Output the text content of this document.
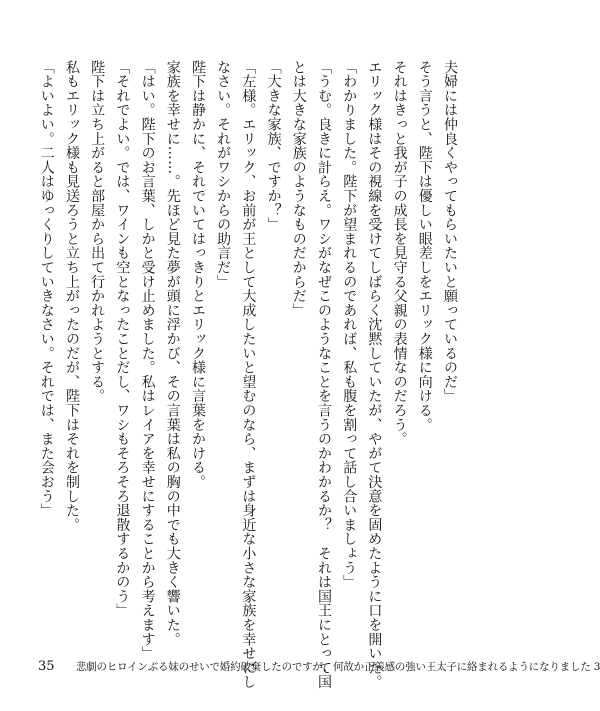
夫婦には仲良くやってもらいたいと願っているのだ」

そう言うと、陛下は優しい眼差しをエリック様に向ける。

それはきっと我が子の成長を見守る父親の表情なのだろう。

エリック様はその視線を受けてしばらく沈黙していたが、やがて決意を固めたように口を開いた。

「わかりました。陛下が望まれるのであれば、私も腹を割って話し合いましょう」

「うむ。良きに計らえ。ワシがなぜこのようなことを言うのかわかるか？　それは国王にとって国

とは大きな家族のようなものだからだ」

「大きな家族、ですか？」

「左様。エリック、お前が王として大成したいと望むのなら、まずは身近な小さな家族を幸せにし

なさい。それがワシからの助言だ」

陛下は静かに、それでいてはっきりとエリック様に言葉をかける。

家族を幸せに……。先ほど見た夢が頭に浮かび、その言葉は私の胸の中でも大きく響いた。

「はい。陛下のお言葉、しかと受け止めました。私はレイアを幸せにすることから考えます」

「それでよい。では、ワインも空となったことだし、ワシもそろそろ退散するかのう」

陛下は立ち上がると部屋から出て行かれようとする。

私もエリック様も見送ろうと立ち上がったのだが、陛下はそれを制した。

「よいよい。二人はゆっくりしていきなさい。それでは、また会おう」

35 悲劇のヒロインぶる妹のせいで婚約破棄したのですが、何故か正義感の強い王太子に絡まれるようになりました 3
